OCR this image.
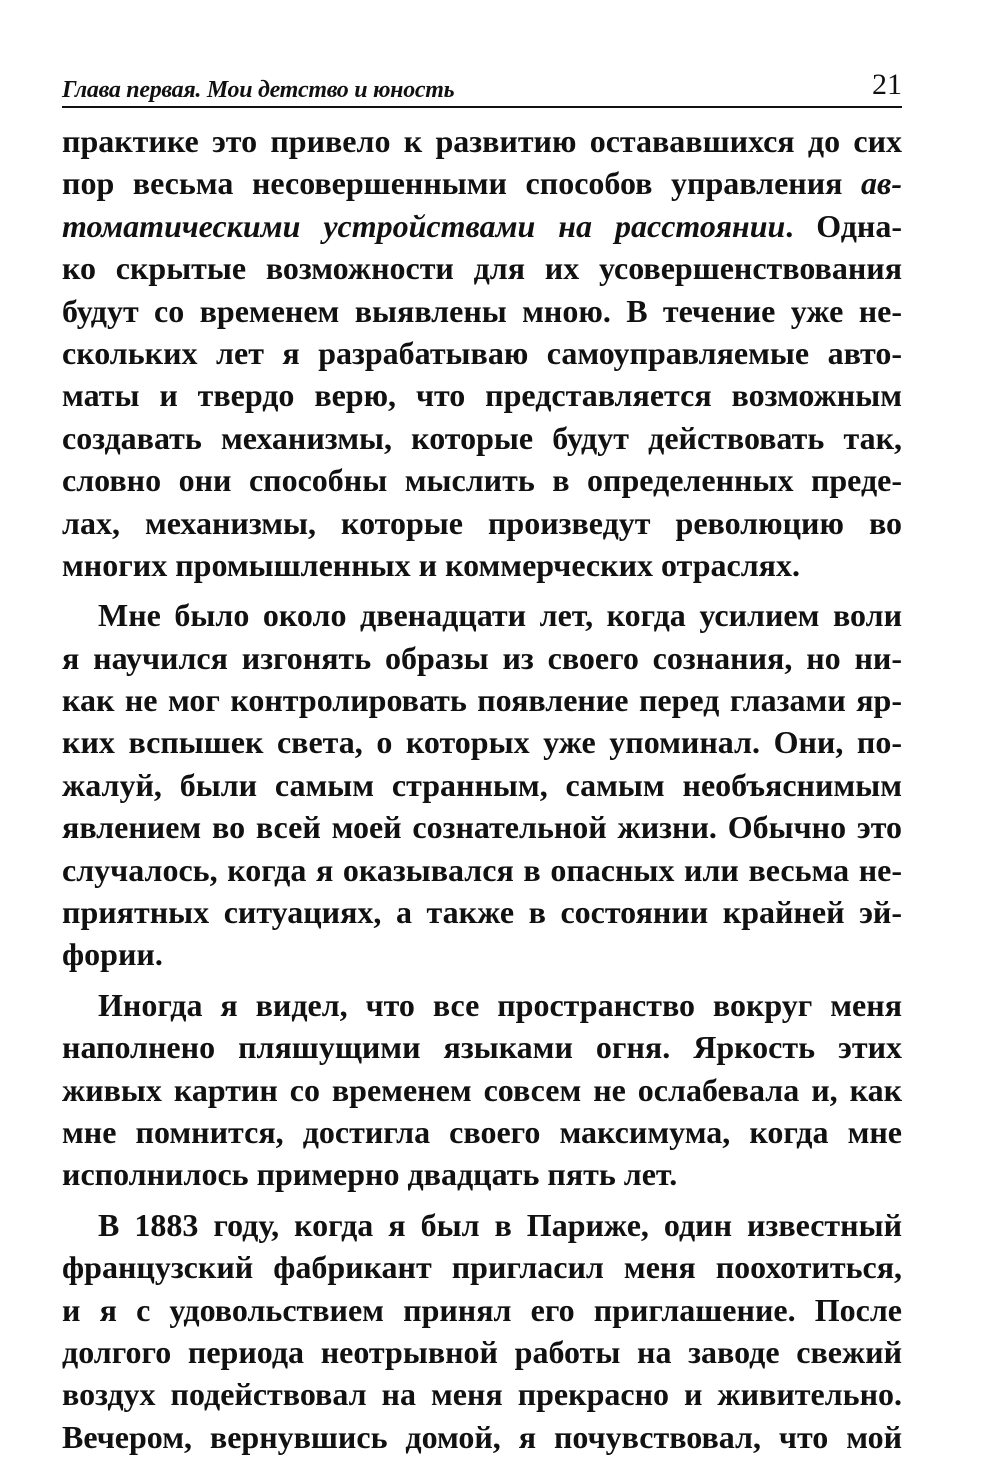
Глава первая. Мои детство и юность	21
практике это привело к развитию остававшихся до сих
пор весьма несовершенными способов управления ав-
томатическими устройствами на расстоянии. Одна-
ко скрытые возможности для их усовершенствования
будут со временем выявлены мною. В течение уже не-
скольких лет я разрабатываю самоуправляемые авто-
маты и твердо верю, что представляется возможным
создавать механизмы, которые будут действовать так,
словно они способны мыслить в определенных преде-
лах, механизмы, которые произведут революцию во
многих промышленных и коммерческих отраслях.
Мне было около двенадцати лет, когда усилием воли
я научился изгонять образы из своего сознания, но ни-
как не мог контролировать появление перед глазами яр-
ких вспышек света, о которых уже упоминал. Они, по-
жалуй, были самым странным, самым необъяснимым
явлением во всей моей сознательной жизни. Обычно это
случалось, когда я оказывался в опасных или весьма не-
приятных ситуациях, а также в состоянии крайней эй-
фории.
Иногда я видел, что все пространство вокруг меня
наполнено пляшущими языками огня. Яркость этих
живых картин со временем совсем не ослабевала и, как
мне помнится, достигла своего максимума, когда мне
исполнилось примерно двадцать пять лет.
В 1883 году, когда я был в Париже, один известный
французский фабрикант пригласил меня поохотиться,
и я с удовольствием принял его приглашение. После
долгого периода неотрывной работы на заводе свежий
воздух подействовал на меня прекрасно и живительно.
Вечером, вернувшись домой, я почувствовал, что мой
